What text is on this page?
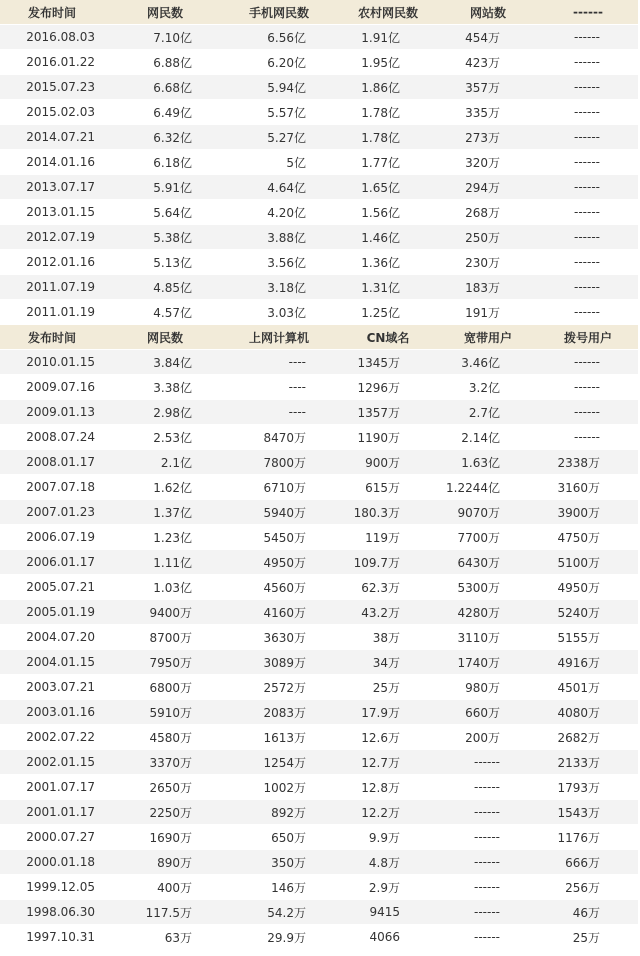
发布时间	网民数	手机网民数	农村网民数	网站数	------
2016.08.03	7.10亿	6.56亿	1.91亿	454万	------
2016.01.22	6.88亿	6.20亿	1.95亿	423万	------
2015.07.23	6.68亿	5.94亿	1.86亿	357万	------
2015.02.03	6.49亿	5.57亿	1.78亿	335万	------
2014.07.21	6.32亿	5.27亿	1.78亿	273万	------
2014.01.16	6.18亿	5亿	1.77亿	320万	------
2013.07.17	5.91亿	4.64亿	1.65亿	294万	------
2013.01.15	5.64亿	4.20亿	1.56亿	268万	------
2012.07.19	5.38亿	3.88亿	1.46亿	250万	------
2012.01.16	5.13亿	3.56亿	1.36亿	230万	------
2011.07.19	4.85亿	3.18亿	1.31亿	183万	------
2011.01.19	4.57亿	3.03亿	1.25亿	191万	------
发布时间	网民数	上网计算机	CN域名	宽带用户	拨号用户
2010.01.15	3.84亿	----	1345万	3.46亿	------
2009.07.16	3.38亿	----	1296万	3.2亿	------
2009.01.13	2.98亿	----	1357万	2.7亿	------
2008.07.24	2.53亿	8470万	1190万	2.14亿	------
2008.01.17	2.1亿	7800万	900万	1.63亿	2338万
2007.07.18	1.62亿	6710万	615万	1.2244亿	3160万
2007.01.23	1.37亿	5940万	180.3万	9070万	3900万
2006.07.19	1.23亿	5450万	119万	7700万	4750万
2006.01.17	1.11亿	4950万	109.7万	6430万	5100万
2005.07.21	1.03亿	4560万	62.3万	5300万	4950万
2005.01.19	9400万	4160万	43.2万	4280万	5240万
2004.07.20	8700万	3630万	38万	3110万	5155万
2004.01.15	7950万	3089万	34万	1740万	4916万
2003.07.21	6800万	2572万	25万	980万	4501万
2003.01.16	5910万	2083万	17.9万	660万	4080万
2002.07.22	4580万	1613万	12.6万	200万	2682万
2002.01.15	3370万	1254万	12.7万	------	2133万
2001.07.17	2650万	1002万	12.8万	------	1793万
2001.01.17	2250万	892万	12.2万	------	1543万
2000.07.27	1690万	650万	9.9万	------	1176万
2000.01.18	890万	350万	4.8万	------	666万
1999.12.05	400万	146万	2.9万	------	256万
1998.06.30	117.5万	54.2万	9415	------	46万
1997.10.31	63万	29.9万	4066	------	25万
